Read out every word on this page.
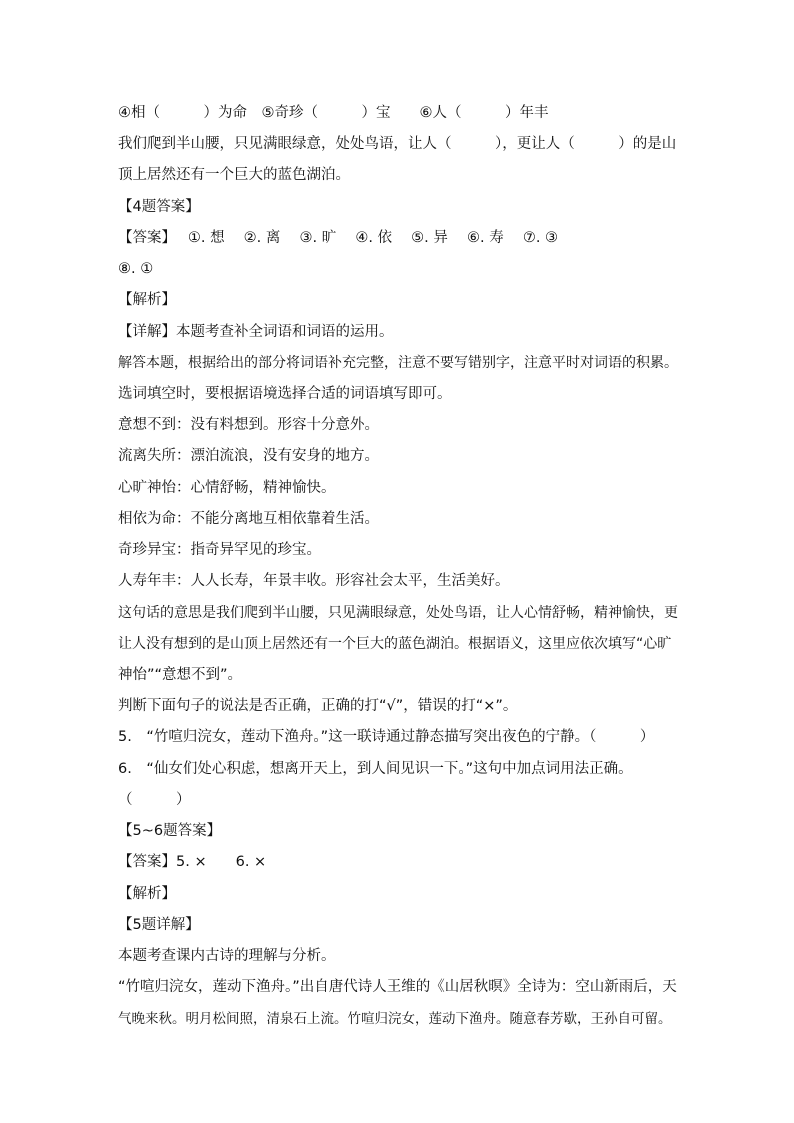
④相（　　　）为命　⑤奇珍（　　　）宝　　⑥人（　　　）年丰
我们爬到半山腰，只见满眼绿意，处处鸟语，让人（　　　），更让人（　　　）的是山
顶上居然还有一个巨大的蓝色湖泊。
【4题答案】
【答案】　 ①. 想　 ②. 离　 ③. 旷　 ④. 依　 ⑤. 异　 ⑥. 寿　 ⑦. ③
⑧. ①
【解析】
【详解】本题考查补全词语和词语的运用。
解答本题，根据给出的部分将词语补充完整，注意不要写错别字，注意平时对词语的积累。
选词填空时，要根据语境选择合适的词语填写即可。
意想不到：没有料想到。形容十分意外。
流离失所：漂泊流浪，没有安身的地方。
心旷神怡：心情舒畅，精神愉快。
相依为命：不能分离地互相依靠着生活。
奇珍异宝：指奇异罕见的珍宝。
人寿年丰：人人长寿，年景丰收。形容社会太平，生活美好。
这句话的意思是我们爬到半山腰，只见满眼绿意，处处鸟语，让人心情舒畅，精神愉快，更
让人没有想到的是山顶上居然还有一个巨大的蓝色湖泊。根据语义，这里应依次填写“心旷
神怡”“意想不到”。
判断下面句子的说法是否正确，正确的打“√”，错误的打“×”。
5.　“竹喧归浣女，莲动下渔舟。”这一联诗通过静态描写突出夜色的宁静。（　　　）
6.　“仙女们处心积虑，想离开天上，到人间见识一下。”这句中加点词用法正确。
（　　　）
【5~6题答案】
【答案】5. ×　　6. ×
【解析】
【5题详解】
本题考查课内古诗的理解与分析。
“竹喧归浣女，莲动下渔舟。”出自唐代诗人王维的《山居秋暝》全诗为：空山新雨后，天
气晚来秋。明月松间照，清泉石上流。竹喧归浣女，莲动下渔舟。随意春芳歇，王孙自可留。
